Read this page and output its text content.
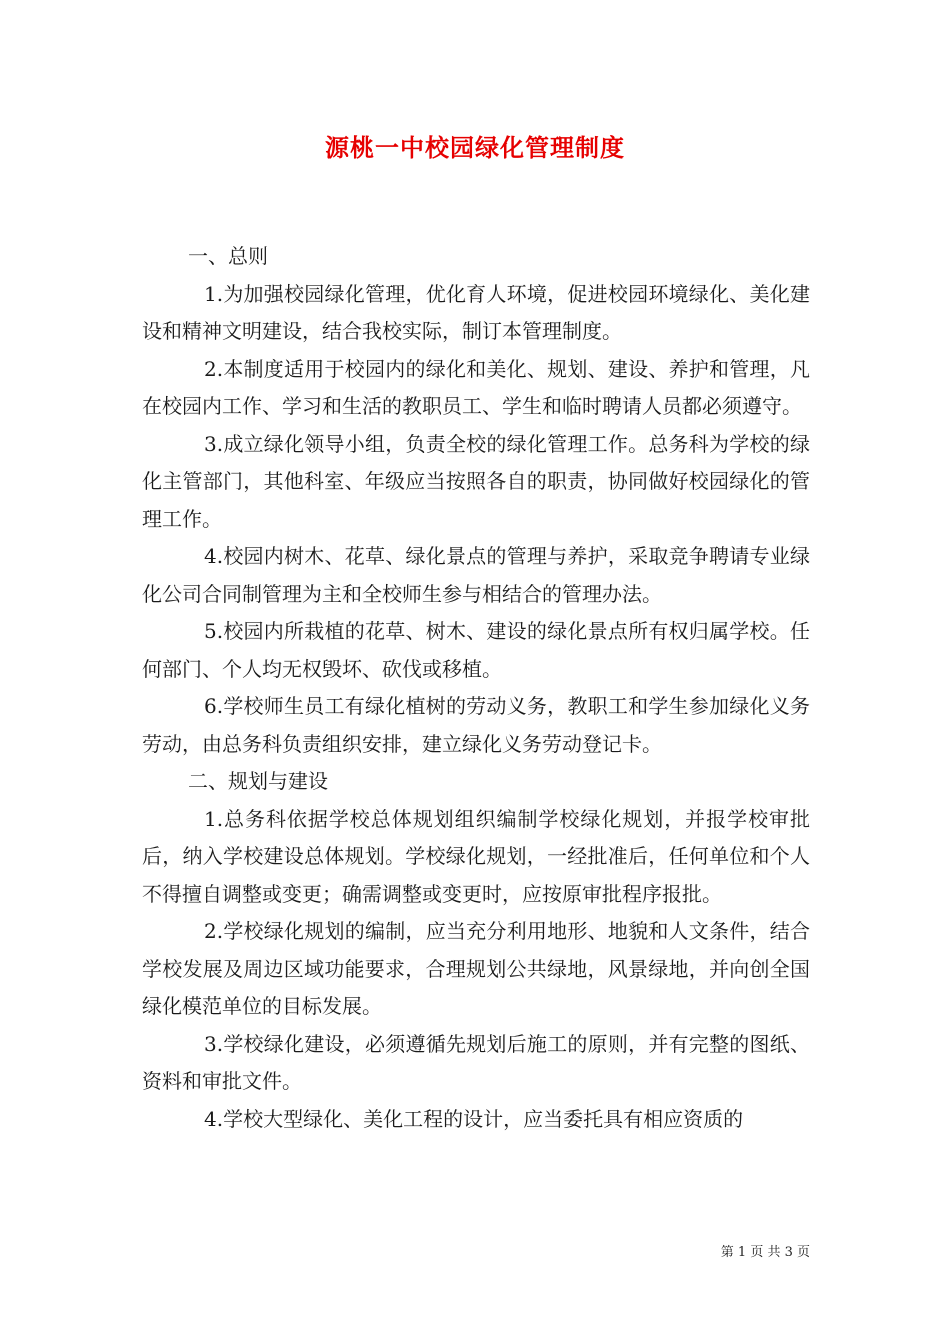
源桃一中校园绿化管理制度
一、总则

1.为加强校园绿化管理，优化育人环境，促进校园环境绿化、美化建设和精神文明建设，结合我校实际，制订本管理制度。

2.本制度适用于校园内的绿化和美化、规划、建设、养护和管理，凡在校园内工作、学习和生活的教职员工、学生和临时聘请人员都必须遵守。

3.成立绿化领导小组，负责全校的绿化管理工作。总务科为学校的绿化主管部门，其他科室、年级应当按照各自的职责，协同做好校园绿化的管理工作。

4.校园内树木、花草、绿化景点的管理与养护，采取竞争聘请专业绿化公司合同制管理为主和全校师生参与相结合的管理办法。

5.校园内所栽植的花草、树木、建设的绿化景点所有权归属学校。任何部门、个人均无权毁坏、砍伐或移植。

6.学校师生员工有绿化植树的劳动义务，教职工和学生参加绿化义务劳动，由总务科负责组织安排，建立绿化义务劳动登记卡。

二、规划与建设

1.总务科依据学校总体规划组织编制学校绿化规划，并报学校审批后，纳入学校建设总体规划。学校绿化规划，一经批准后，任何单位和个人不得擅自调整或变更；确需调整或变更时，应按原审批程序报批。

2.学校绿化规划的编制，应当充分利用地形、地貌和人文条件，结合学校发展及周边区域功能要求，合理规划公共绿地，风景绿地，并向创全国绿化模范单位的目标发展。

3.学校绿化建设，必须遵循先规划后施工的原则，并有完整的图纸、资料和审批文件。

4.学校大型绿化、美化工程的设计，应当委托具有相应资质的

第 1 页 共 3 页
